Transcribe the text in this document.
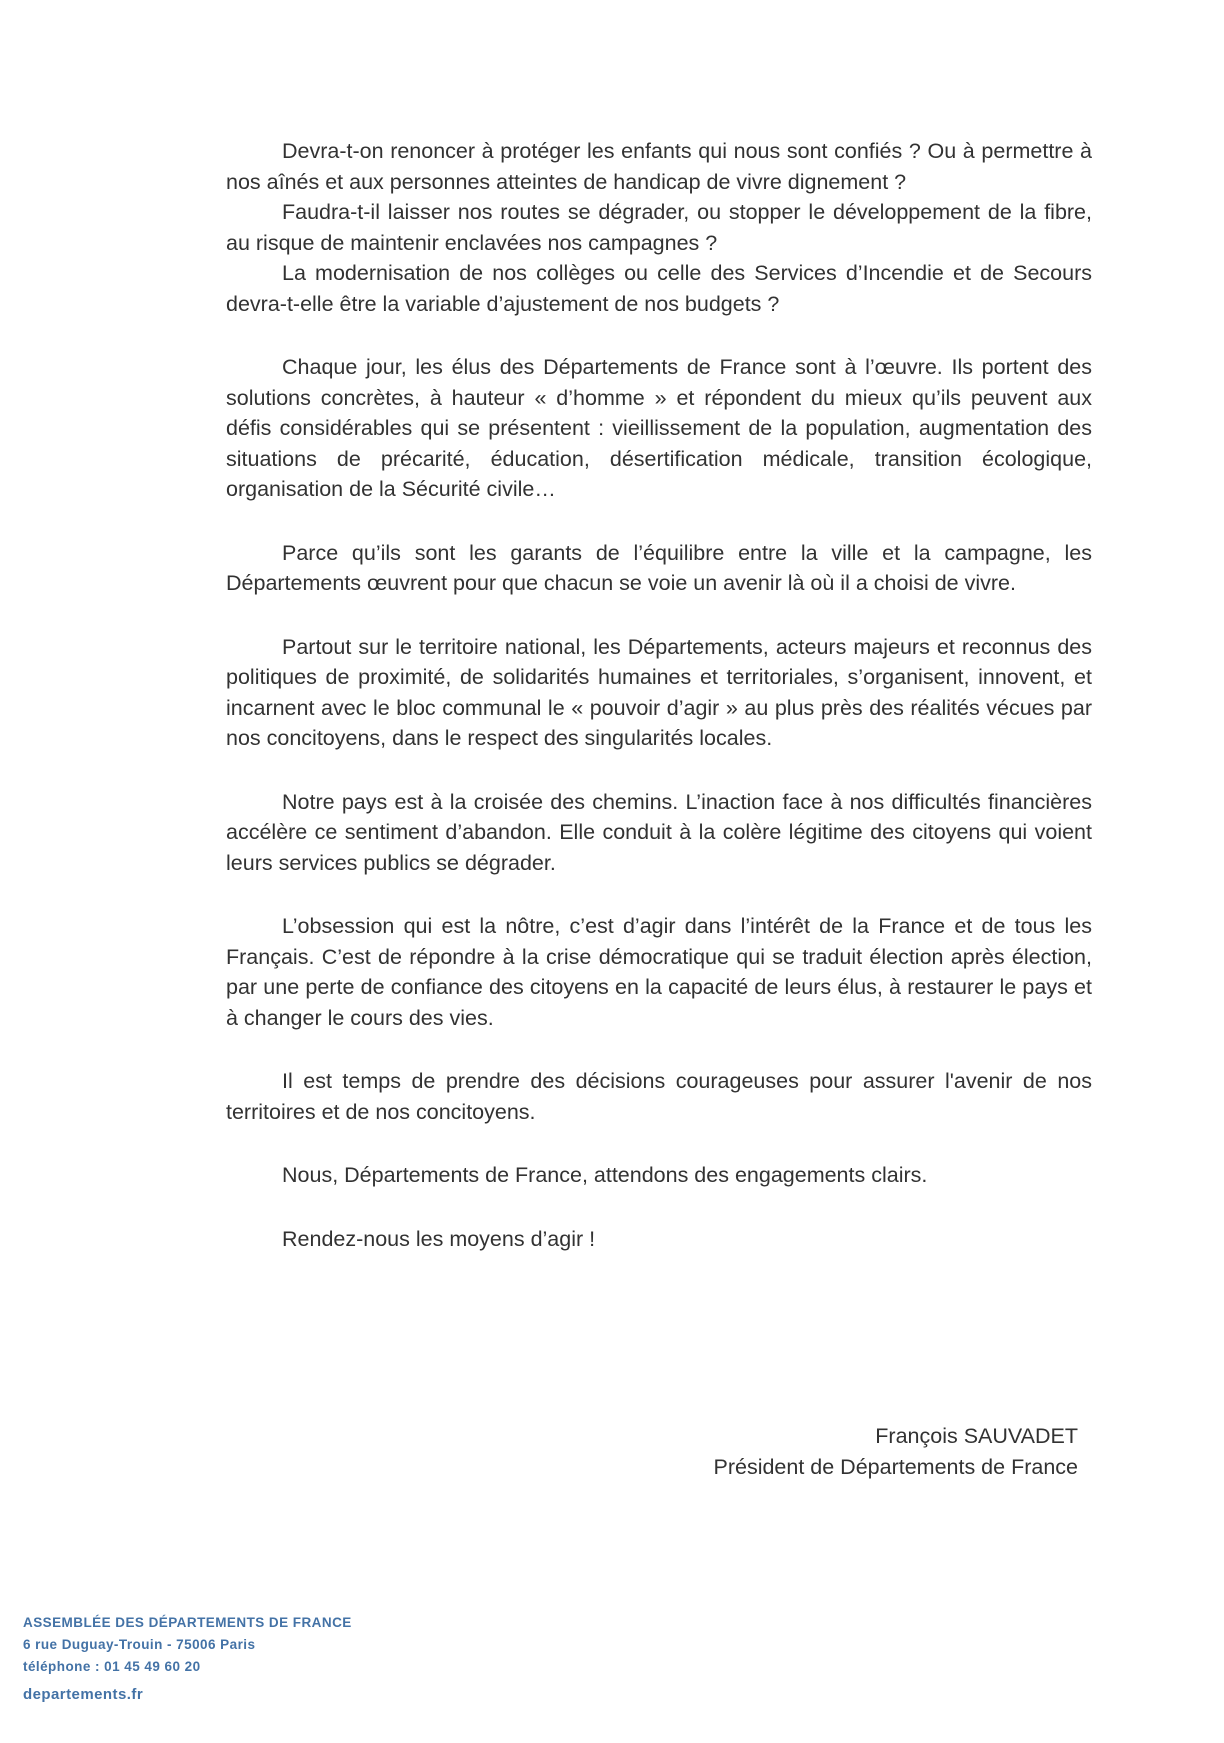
Devra-t-on renoncer à protéger les enfants qui nous sont confiés ? Ou à permettre à nos aînés et aux personnes atteintes de handicap de vivre dignement ?

Faudra-t-il laisser nos routes se dégrader, ou stopper le développement de la fibre, au risque de maintenir enclavées nos campagnes ?

La modernisation de nos collèges ou celle des Services d’Incendie et de Secours devra-t-elle être la variable d’ajustement de nos budgets ?

Chaque jour, les élus des Départements de France sont à l’œuvre. Ils portent des solutions concrètes, à hauteur « d’homme » et répondent du mieux qu’ils peuvent aux défis considérables qui se présentent : vieillissement de la population, augmentation des situations de précarité, éducation, désertification médicale, transition écologique, organisation de la Sécurité civile…

Parce qu’ils sont les garants de l’équilibre entre la ville et la campagne, les Départements œuvrent pour que chacun se voie un avenir là où il a choisi de vivre.

Partout sur le territoire national, les Départements, acteurs majeurs et reconnus des politiques de proximité, de solidarités humaines et territoriales, s’organisent, innovent, et incarnent avec le bloc communal le « pouvoir d’agir » au plus près des réalités vécues par nos concitoyens, dans le respect des singularités locales.

Notre pays est à la croisée des chemins. L’inaction face à nos difficultés financières accélère ce sentiment d’abandon. Elle conduit à la colère légitime des citoyens qui voient leurs services publics se dégrader.

L’obsession qui est la nôtre, c’est d’agir dans l’intérêt de la France et de tous les Français. C’est de répondre à la crise démocratique qui se traduit élection après élection, par une perte de confiance des citoyens en la capacité de leurs élus, à restaurer le pays et à changer le cours des vies.

Il est temps de prendre des décisions courageuses pour assurer l'avenir de nos territoires et de nos concitoyens.

Nous, Départements de France, attendons des engagements clairs.

Rendez-nous les moyens d’agir !

François SAUVADET
Président de Départements de France
ASSEMBLÉE DES DÉPARTEMENTS DE FRANCE
6 rue Duguay-Trouin - 75006 Paris
téléphone : 01 45 49 60 20
departements.fr
